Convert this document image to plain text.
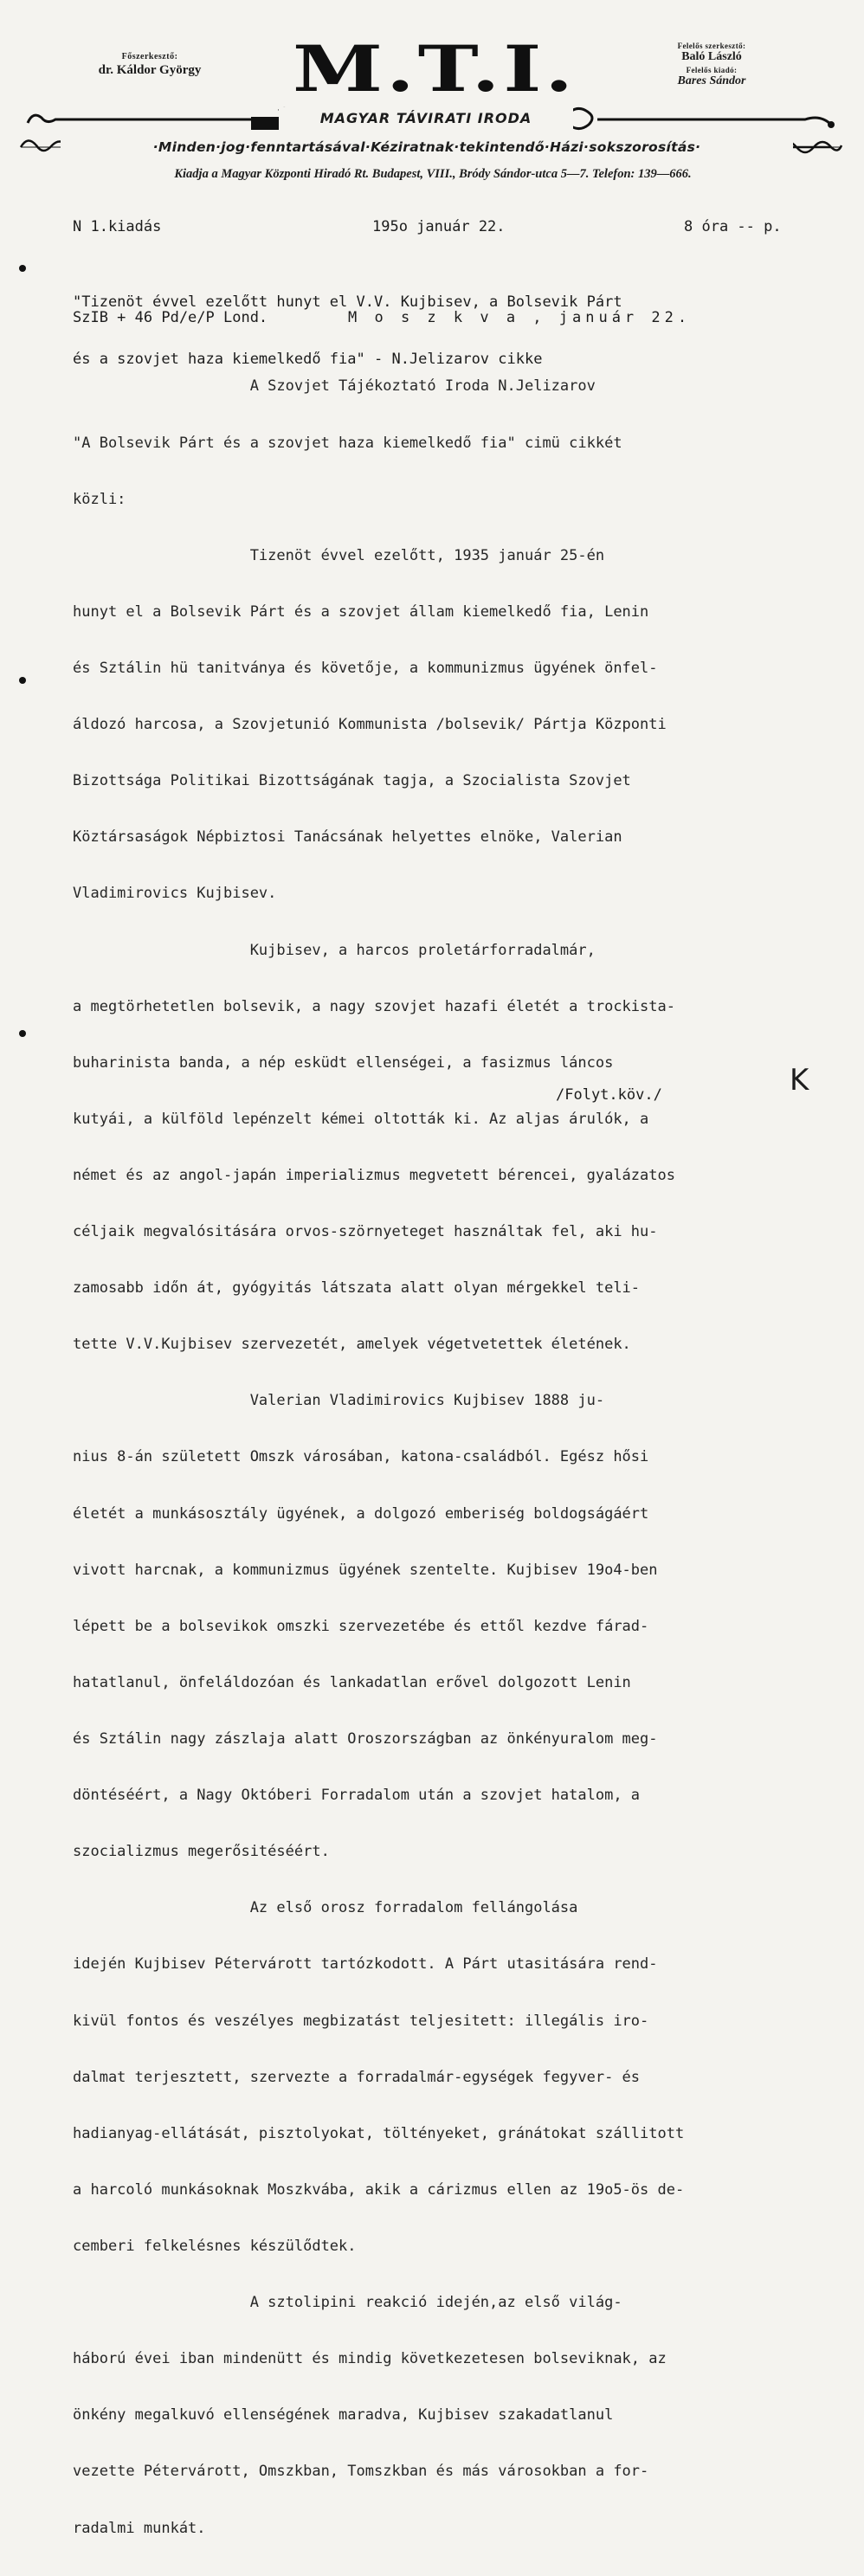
Főszerkesztő:
dr. Káldor György	M.T.I.	Felelős szerkesztő:
Baló László
Felelős kiadó:
Bares Sándor
MAGYAR TÁVIRATI IRODA
·Minden·jog·fenntartásával·Kéziratnak·tekintendő·Házi·sokszorosítás·
Kiadja a Magyar Központi Hiradó Rt. Budapest, VIII., Bródy Sándor-utca 5—7. Telefon: 139—666.
N 1.kiadás	195o január 22.	8 óra -- p.

"Tizenöt évvel ezelőtt hunyt el V.V. Kujbisev, a Bolsevik Párt

és a szovjet haza kiemelkedő fia" - N.Jelizarov cikke

SzIB + 46 Pd/e/P Lond.	M o s z k v a , január 22.

A Szovjet Tájékoztató Iroda N.Jelizarov

"A Bolsevik Párt és a szovjet haza kiemelkedő fia" cimü cikkét

közli:

Tizenöt évvel ezelőtt, 1935 január 25-én

hunyt el a Bolsevik Párt és a szovjet állam kiemelkedő fia, Lenin

és Sztálin hü tanitványa és követője, a kommunizmus ügyének önfel-

áldozó harcosa, a Szovjetunió Kommunista /bolsevik/ Pártja Központi

Bizottsága Politikai Bizottságának tagja, a Szocialista Szovjet

Köztársaságok Népbiztosi Tanácsának helyettes elnöke, Valerian

Vladimirovics Kujbisev.

Kujbisev, a harcos proletárforradalmár,

a megtörhetetlen bolsevik, a nagy szovjet hazafi életét a trockista-

buharinista banda, a nép esküdt ellenségei, a fasizmus láncos

kutyái, a külföld lepénzelt kémei oltották ki. Az aljas árulók, a

német és az angol-japán imperializmus megvetett bérencei, gyalázatos

céljaik megvalósitására orvos-szörnyeteget használtak fel, aki hu-

zamosabb időn át, gyógyitás látszata alatt olyan mérgekkel teli-

tette V.V.Kujbisev szervezetét, amelyek végetvetettek életének.

Valerian Vladimirovics Kujbisev 1888 ju-

nius 8-án született Omszk városában, katona-családból. Egész hősi

életét a munkásosztály ügyének, a dolgozó emberiség boldogságáért

vivott harcnak, a kommunizmus ügyének szentelte. Kujbisev 19o4-ben

lépett be a bolsevikok omszki szervezetébe és ettől kezdve fárad-

hatatlanul, önfeláldozóan és lankadatlan erővel dolgozott Lenin

és Sztálin nagy zászlaja alatt Oroszországban az önkényuralom meg-

döntéséért, a Nagy Októberi Forradalom után a szovjet hatalom, a

szocializmus megerősitéséért.

Az első orosz forradalom fellángolása

idején Kujbisev Pétervárott tartózkodott. A Párt utasitására rend-

kivül fontos és veszélyes megbizatást teljesitett: illegális iro-

dalmat terjesztett, szervezte a forradalmár-egységek fegyver- és

hadianyag-ellátását, pisztolyokat, töltényeket, gránátokat szállitott

a harcoló munkásoknak Moszkvába, akik a cárizmus ellen az 19o5-ös de-

cemberi felkelésnes készülődtek.

A sztolipini reakció idején,az első világ-

háború évei iban mindenütt és mindig következetesen bolseviknak, az

önkény megalkuvó ellenségének maradva, Kujbisev szakadatlanul

vezette Pétervárott, Omszkban, Tomszkban és más városokban a for-

radalmi munkát.

/Folyt.köv./	K
